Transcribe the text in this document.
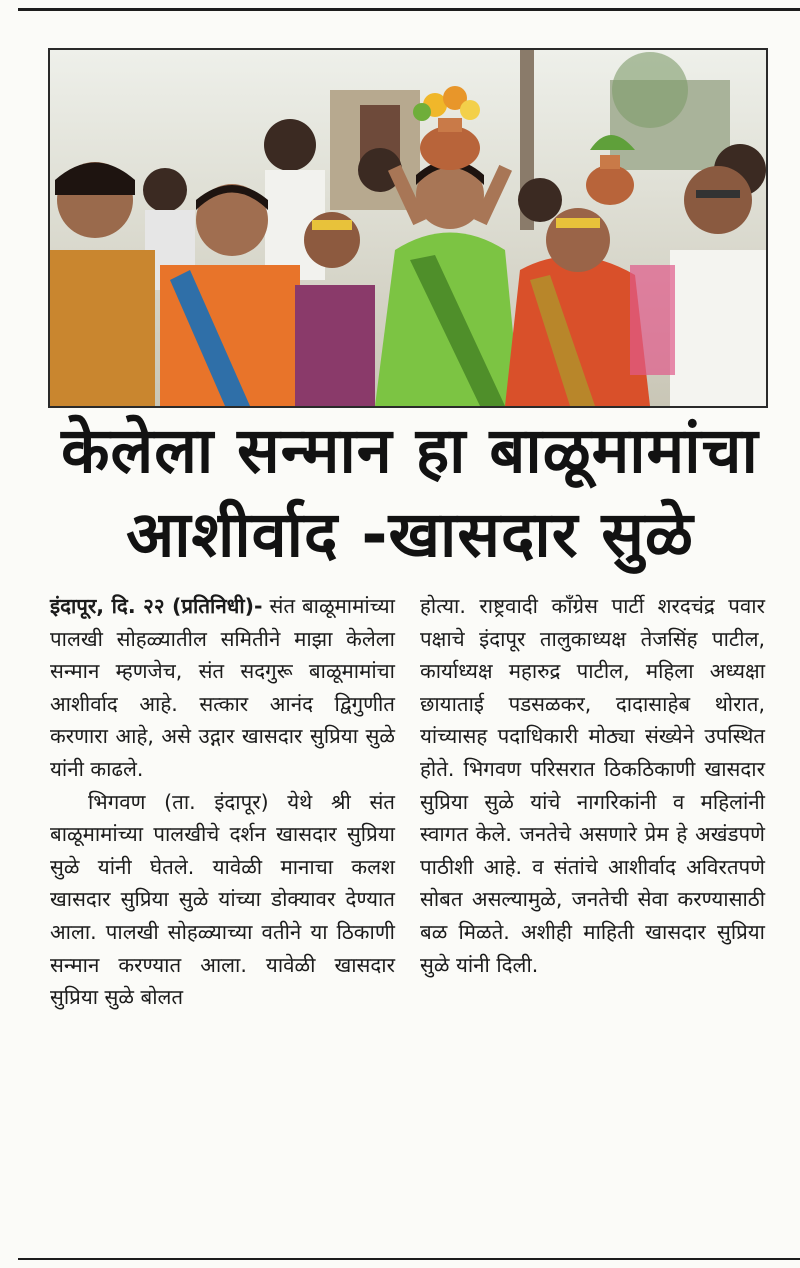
केलेला सन्मान हा बाळूमामांचा
आशीर्वाद -खासदार सुळे

इंदापूर, दि. २२ (प्रतिनिधी)- संत बाळूमामांच्या पालखी सोहळ्यातील समितीने माझा केलेला सन्मान म्हणजेच, संत सदगुरू बाळूमामांचा आशीर्वाद आहे. सत्कार आनंद द्विगुणीत करणारा आहे, असे उद्गार खासदार सुप्रिया सुळे यांनी काढले.

भिगवण (ता. इंदापूर) येथे श्री संत बाळूमामांच्या पालखीचे दर्शन खासदार सुप्रिया सुळे यांनी घेतले. यावेळी मानाचा कलश खासदार सुप्रिया सुळे यांच्या डोक्यावर देण्यात आला. पालखी सोहळ्याच्या वतीने या ठिकाणी सन्मान करण्यात आला. यावेळी खासदार सुप्रिया सुळे बोलत

होत्या. राष्ट्रवादी काँग्रेस पार्टी शरदचंद्र पवार पक्षाचे इंदापूर तालुकाध्यक्ष तेजसिंह पाटील, कार्याध्यक्ष महारुद्र पाटील, महिला अध्यक्षा छायाताई पडसळकर, दादासाहेब थोरात, यांच्यासह पदाधिकारी मोठ्या संख्येने उपस्थित होते. भिगवण परिसरात ठिकठिकाणी खासदार सुप्रिया सुळे यांचे नागरिकांनी व महिलांनी स्वागत केले. जनतेचे असणारे प्रेम हे अखंडपणे पाठीशी आहे. व संतांचे आशीर्वाद अविरतपणे सोबत असल्यामुळे, जनतेची सेवा करण्यासाठी बळ मिळते. अशीही माहिती खासदार सुप्रिया सुळे यांनी दिली.
